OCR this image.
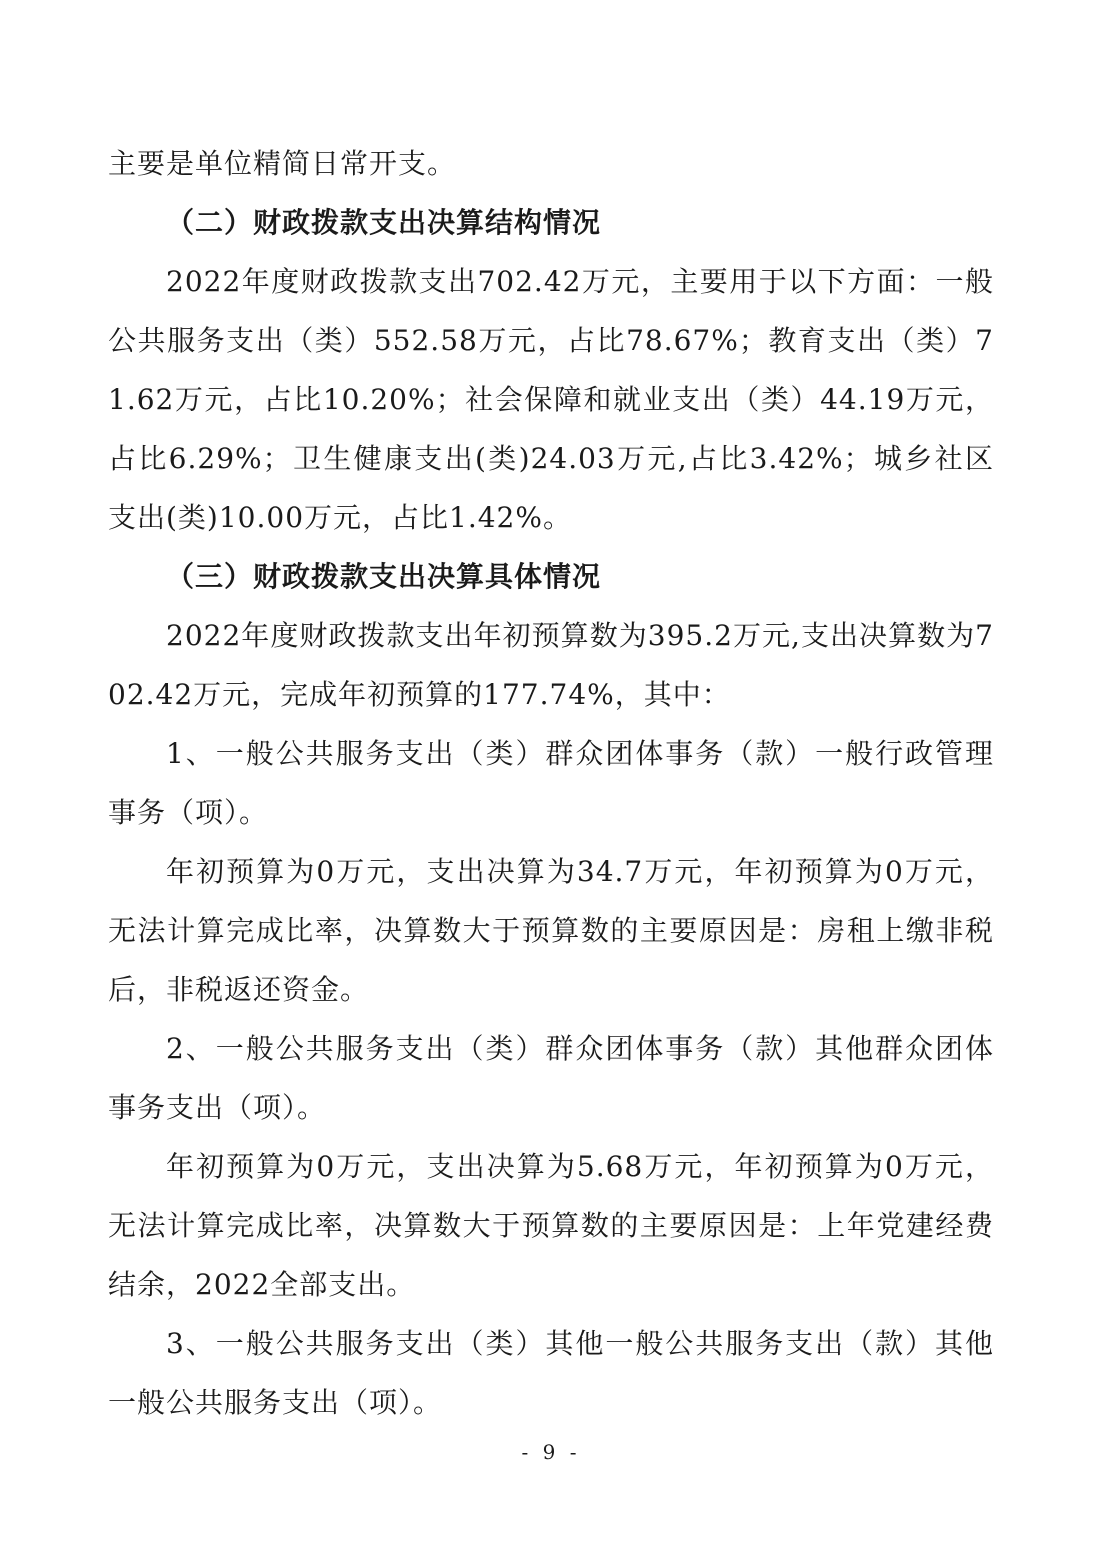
主要是单位精简日常开支。

（二）财政拨款支出决算结构情况

2022年度财政拨款支出702.42万元，主要用于以下方面：一般公共服务支出（类）552.58万元，占比78.67%；教育支出（类）71.62万元，占比10.20%；社会保障和就业支出（类）44.19万元，占比6.29%；卫生健康支出(类)24.03万元,占比3.42%；城乡社区支出(类)10.00万元，占比1.42%。

（三）财政拨款支出决算具体情况

2022年度财政拨款支出年初预算数为395.2万元,支出决算数为702.42万元，完成年初预算的177.74%，其中：

1、一般公共服务支出（类）群众团体事务（款）一般行政管理事务（项）。

年初预算为0万元，支出决算为34.7万元，年初预算为0万元，无法计算完成比率，决算数大于预算数的主要原因是：房租上缴非税后，非税返还资金。

2、一般公共服务支出（类）群众团体事务（款）其他群众团体事务支出（项）。

年初预算为0万元，支出决算为5.68万元，年初预算为0万元，无法计算完成比率，决算数大于预算数的主要原因是：上年党建经费结余，2022全部支出。

3、一般公共服务支出（类）其他一般公共服务支出（款）其他一般公共服务支出（项）。

- 9 -
